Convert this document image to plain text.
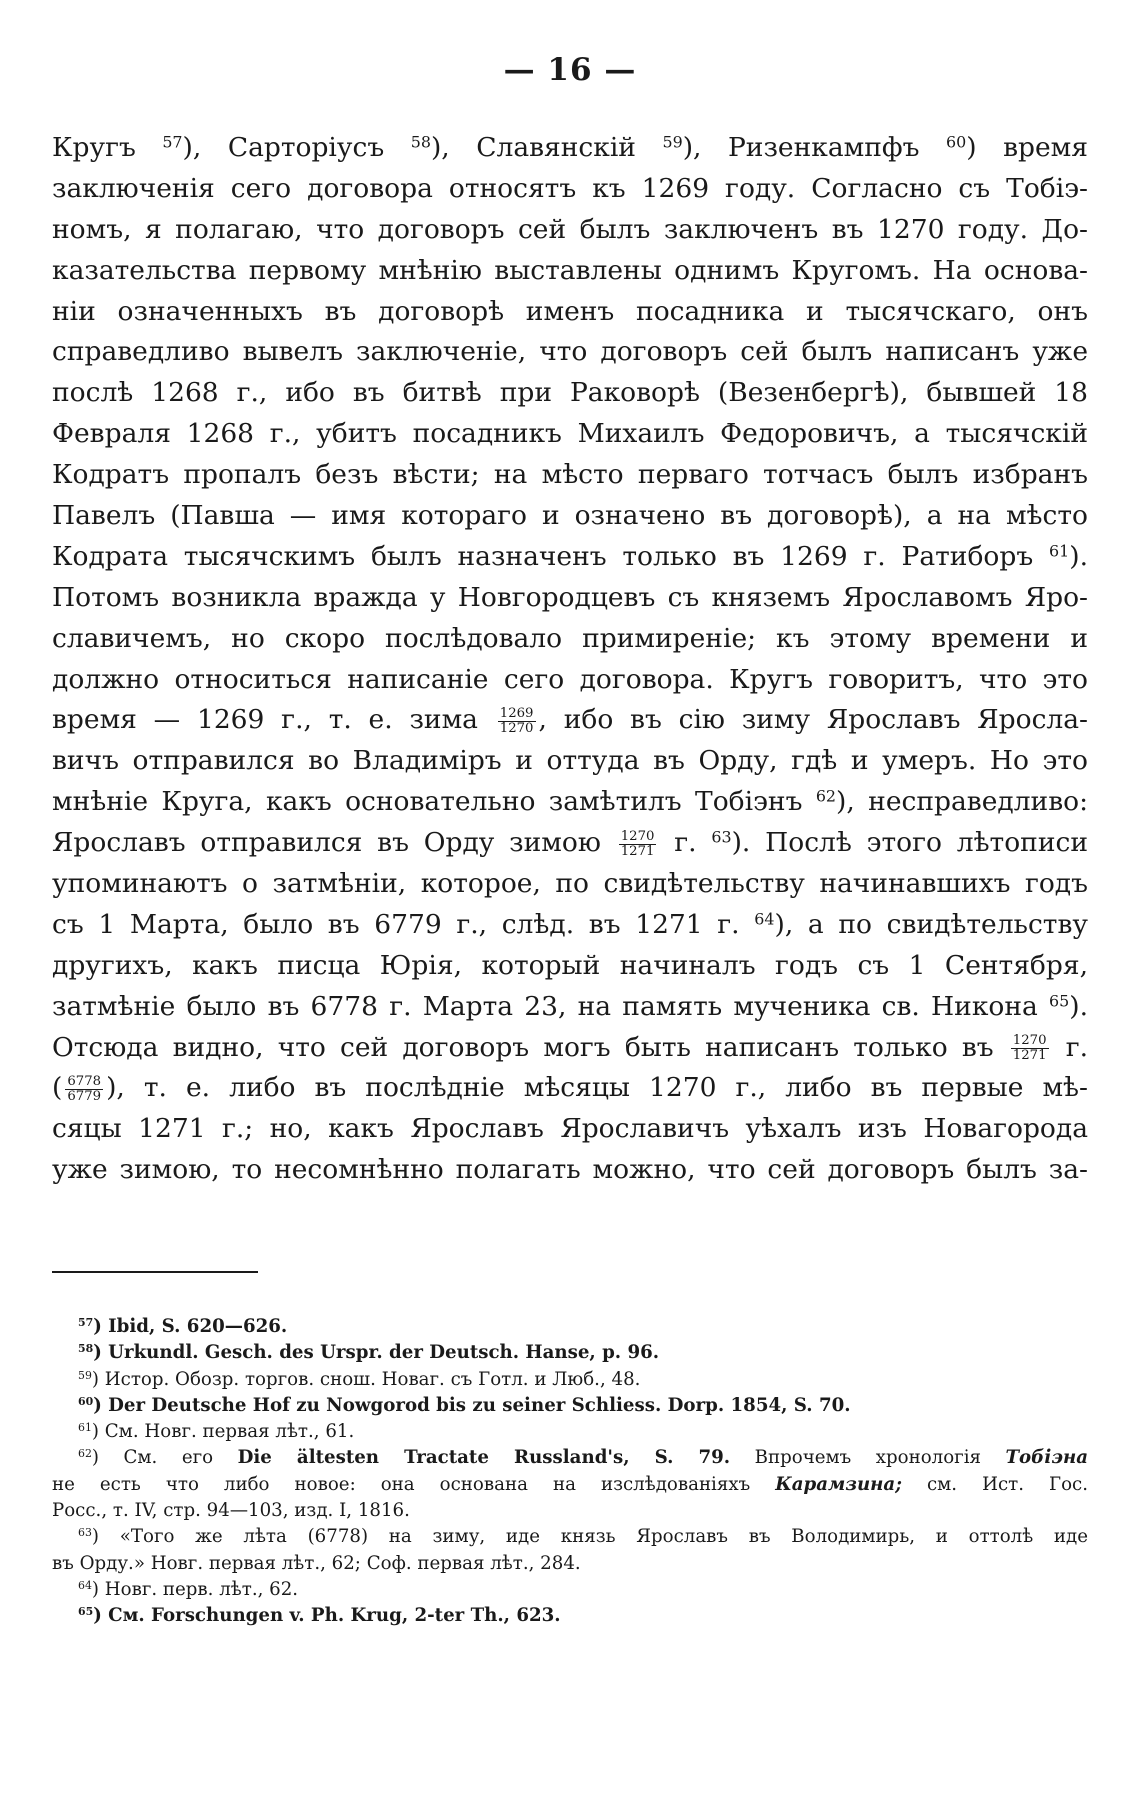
— 16 —
Кругъ $^{57}$), Сарторіусъ $^{58}$), Славянскій $^{59}$), Ризенкампфъ $^{60}$) время
заключенія сего договора относятъ къ 1269 году. Согласно съ Тобіэ-
номъ, я полагаю, что договоръ сей былъ заключенъ въ 1270 году. До-
казательства первому мнѣнію выставлены однимъ Кругомъ. На основа-
ніи означенныхъ въ договорѣ именъ посадника и тысячскаго, онъ
справедливо вывелъ заключеніе, что договоръ сей былъ написанъ уже
послѣ 1268 г., ибо въ битвѣ при Раковорѣ (Везенбергѣ), бывшей 18
Февраля 1268 г., убитъ посадникъ Михаилъ Федоровичъ, а тысячскій
Кодратъ пропалъ безъ вѣсти; на мѣсто перваго тотчасъ былъ избранъ
Павелъ (Павша — имя котораго и означено въ договорѣ), а на мѣсто
Кодрата тысячскимъ былъ назначенъ только въ 1269 г. Ратиборъ $^{61}$).
Потомъ возникла вражда у Новгородцевъ съ княземъ Ярославомъ Яро-
славичемъ, но скоро послѣдовало примиреніе; къ этому времени и
должно относиться написаніе сего договора. Кругъ говоритъ, что это
время — 1269 г., т. е. зима $\frac{1269}{1270}$ , ибо въ сію зиму Ярославъ Яросла-
вичъ отправился во Владиміръ и оттуда въ Орду, гдѣ и умеръ. Но это
мнѣніе Круга, какъ основательно замѣтилъ Тобіэнъ $^{62}$), несправедливо:
Ярославъ отправился въ Орду зимою $\frac{1270}{1271} г$. $^{63}$). Послѣ этого лѣтописи
упоминаютъ о затмѣніи, которое, по свидѣтельству начинавшихъ годъ
съ 1 Марта, было въ 6779 г., слѣд. въ 1271 г. $^{64}$), а по свидѣтельству
другихъ, какъ писца Юрія, который начиналъ годъ съ 1 Сентября,
затмѣніе было въ 6778 г. Марта 23, на память мученика св. Никона $^{65}$).
Отсюда видно, что сей договоръ могъ быть написанъ только въ $\frac{1270}{1271} г$.
( $\frac{6778}{6779}$ ), т. е. либо въ послѣдніе мѣсяцы 1270 г., либо въ первые мѣ-
сяцы 1271 г.; но, какъ Ярославъ Ярославичъ уѣхалъ изъ Новагорода
уже зимою, то несомнѣнно полагать можно, что сей договоръ былъ за-
$^{57}$) Ibid, S. 620—626.
$^{58}$) Urkundl. Gesch. des Urspr. der Deutsch. Hanse, p. 96.
$^{59}$) Истор. Обозр. торгов. снош. Новаг. съ Готл. и Люб., 48.
$^{60}$) Der Deutsche Hof zu Nowgorod bis zu seiner Schliess. Dorp. 1854, S. 70.
$^{61}$) См. Новг. первая лѣт., 61.
$^{62}$) См. его Die ältesten Tractate Russland's, S. 79. Впрочемъ хронологія Тобіэна
не есть что либо новое: она основана на изслѣдованіяхъ Карамзина; см. Ист. Гос.
Росс., т. IV, стр. 94—103, изд. I, 1816.
$^{63}$) «Того же лѣта (6778) на зиму, иде князь Ярославъ въ Володимирь, и оттолѣ иде
въ Орду.» Новг. первая лѣт., 62; Соф. первая лѣт., 284.
$^{64}$) Новг. перв. лѣт., 62.
$^{65}$) См. Forschungen v. Ph. Krug, 2-ter Th., 623.
